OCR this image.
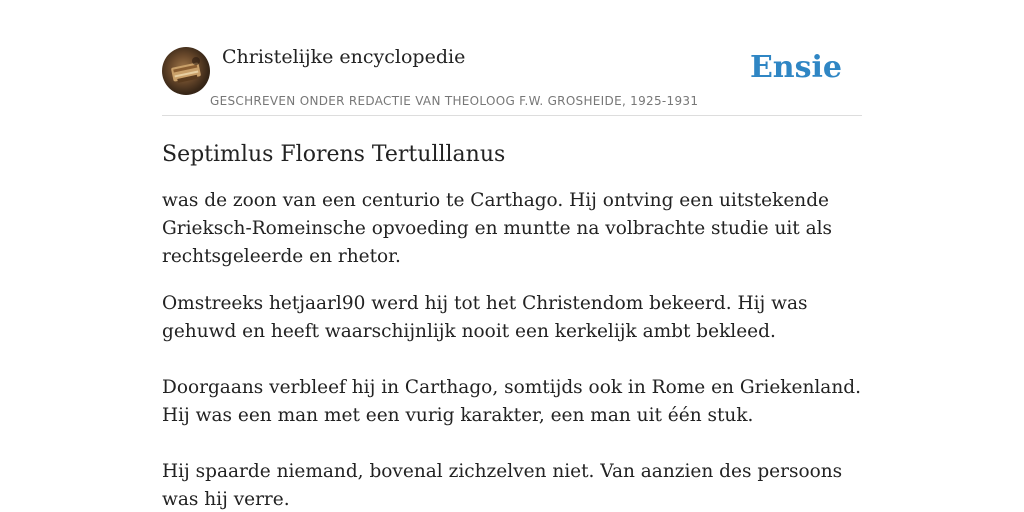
Christelijke encyclopedie
GESCHREVEN ONDER REDACTIE VAN THEOLOOG F.W. GROSHEIDE, 1925-1931
Ensie
Septimlus Florens Tertulllanus

was de zoon van een centurio te Carthago. Hij ontving een uitstekende Grieksch-Romeinsche opvoeding en muntte na volbrachte studie uit als rechtsgeleerde en rhetor.

Omstreeks hetjaarl90 werd hij tot het Christendom bekeerd. Hij was gehuwd en heeft waarschijnlijk nooit een kerkelijk ambt bekleed.

Doorgaans verbleef hij in Carthago, somtijds ook in Rome en Griekenland. Hij was een man met een vurig karakter, een man uit één stuk.

Hij spaarde niemand, bovenal zichzelven niet. Van aanzien des persoons was hij verre.
